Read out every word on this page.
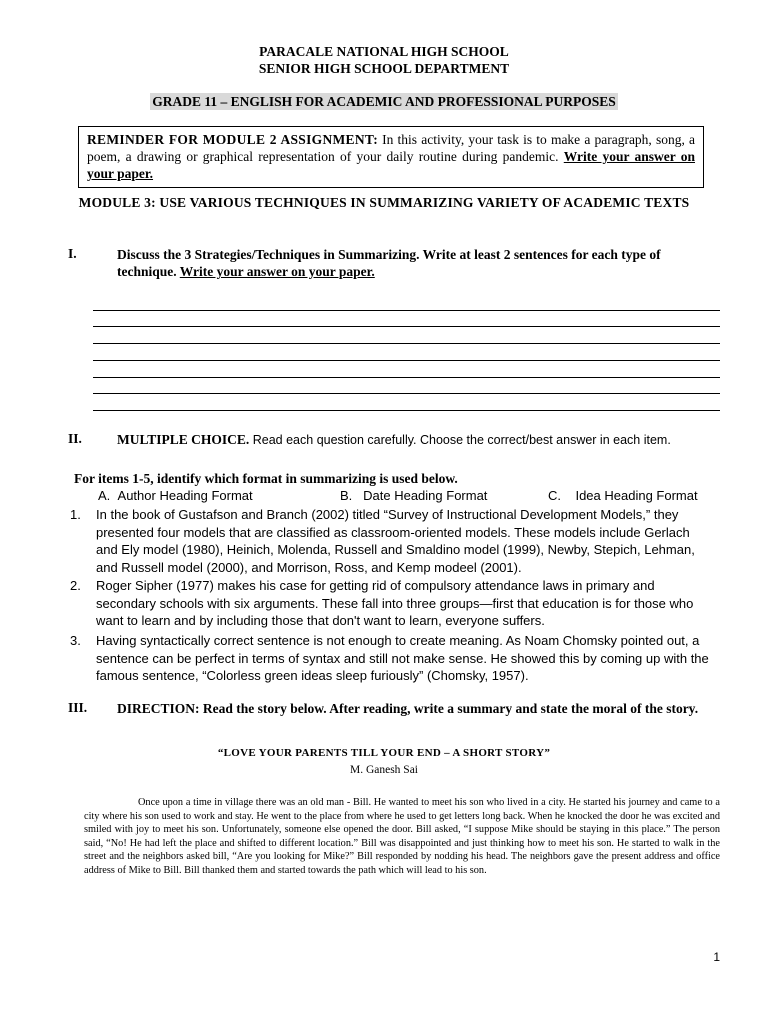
PARACALE NATIONAL HIGH SCHOOL
SENIOR HIGH SCHOOL DEPARTMENT
GRADE 11 – ENGLISH FOR ACADEMIC AND PROFESSIONAL PURPOSES
REMINDER FOR MODULE 2 ASSIGNMENT: In this activity, your task is to make a paragraph, song, a poem, a drawing or graphical representation of your daily routine during pandemic. Write your answer on your paper.
MODULE 3: USE VARIOUS TECHNIQUES IN SUMMARIZING VARIETY OF ACADEMIC TEXTS
I.	Discuss the 3 Strategies/Techniques in Summarizing. Write at least 2 sentences for each type of technique. Write your answer on your paper.
II.	MULTIPLE CHOICE. Read each question carefully. Choose the correct/best answer in each item.
For items 1-5, identify which format in summarizing is used below.
A. Author Heading Format	B. Date Heading Format	C. Idea Heading Format
1. In the book of Gustafson and Branch (2002) titled “Survey of Instructional Development Models,” they presented four models that are classified as classroom-oriented models. These models include Gerlach and Ely model (1980), Heinich, Molenda, Russell and Smaldino model (1999), Newby, Stepich, Lehman, and Russell model (2000), and Morrison, Ross, and Kemp modeel (2001).
2. Roger Sipher (1977) makes his case for getting rid of compulsory attendance laws in primary and secondary schools with six arguments. These fall into three groups—first that education is for those who want to learn and by including those that don't want to learn, everyone suffers.
3. Having syntactically correct sentence is not enough to create meaning. As Noam Chomsky pointed out, a sentence can be perfect in terms of syntax and still not make sense. He showed this by coming up with the famous sentence, “Colorless green ideas sleep furiously” (Chomsky, 1957).
III. DIRECTION: Read the story below. After reading, write a summary and state the moral of the story.
“LOVE YOUR PARENTS TILL YOUR END – A SHORT STORY”
M. Ganesh Sai
Once upon a time in village there was an old man - Bill. He wanted to meet his son who lived in a city. He started his journey and came to a city where his son used to work and stay. He went to the place from where he used to get letters long back. When he knocked the door he was excited and smiled with joy to meet his son. Unfortunately, someone else opened the door. Bill asked, “I suppose Mike should be staying in this place.” The person said, “No! He had left the place and shifted to different location.” Bill was disappointed and just thinking how to meet his son. He started to walk in the street and the neighbors asked bill, “Are you looking for Mike?” Bill responded by nodding his head. The neighbors gave the present address and office address of Mike to Bill. Bill thanked them and started towards the path which will lead to his son.
1
